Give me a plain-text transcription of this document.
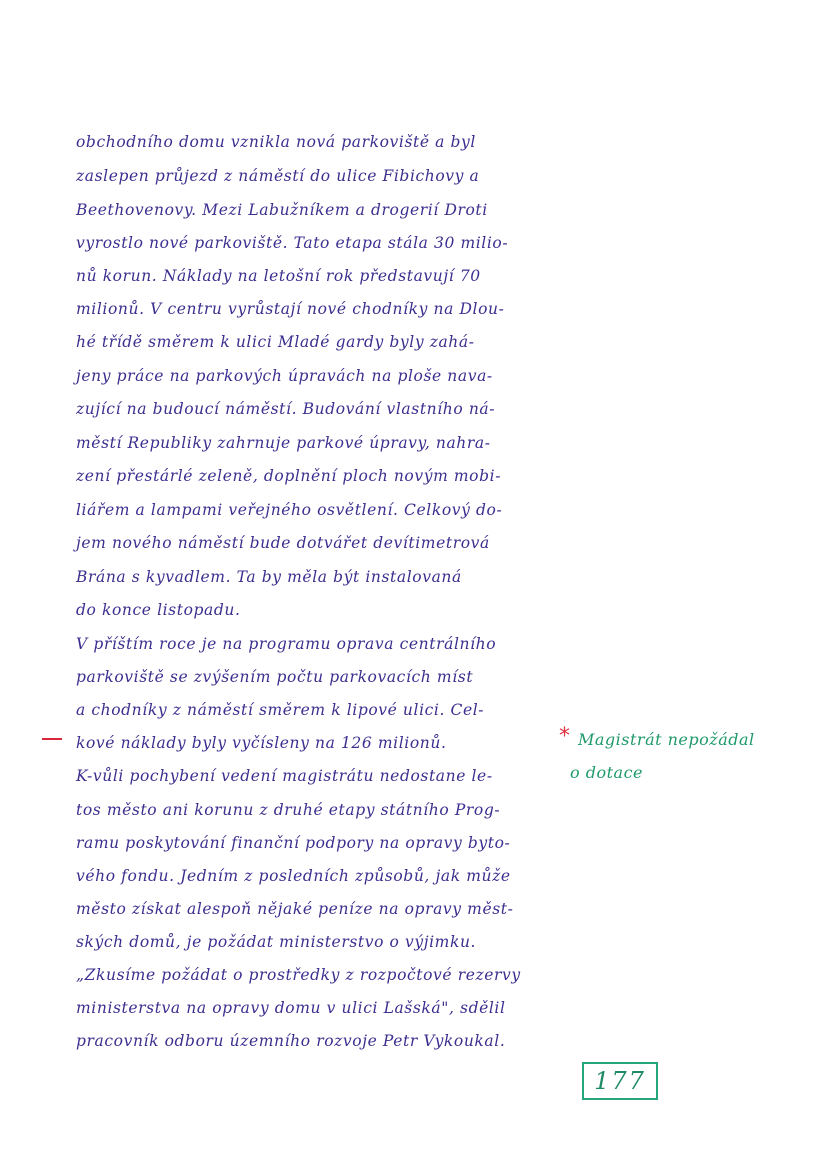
obchodního domu vznikla nová parkoviště a byl
zaslepen průjezd z náměstí do ulice Fibichovy a
Beethovenovy. Mezi Labužníkem a drogerií Droti
vyrostlo nové parkoviště. Tato etapa stála 30 milio-
nů korun. Náklady na letošní rok představují 70
milionů. V centru vyrůstají nové chodníky na Dlou-
hé třídě směrem k ulici Mladé gardy byly zahá-
jeny práce na parkových úpravách na ploše nava-
zující na budoucí náměstí. Budování vlastního ná-
městí Republiky zahrnuje parkové úpravy, nahra-
zení přestárlé zeleně, doplnění ploch novým mobi-
liářem a lampami veřejného osvětlení. Celkový do-
jem nového náměstí bude dotvářet devítimetrová
Brána s kyvadlem. Ta by měla být instalovaná
do konce listopadu.
V příštím roce je na programu oprava centrálního
parkoviště se zvýšením počtu parkovacích míst
a chodníky z náměstí směrem k lipové ulici. Cel-
kové náklady byly vyčísleny na 126 milionů.
K-vůli pochybení vedení magistrátu nedostane le-
tos město ani korunu z druhé etapy státního Prog-
ramu poskytování finanční podpory na opravy byto-
vého fondu. Jedním z posledních způsobů, jak může
město získat alespoň nějaké peníze na opravy měst-
ských domů, je požádat ministerstvo o výjimku.
„Zkusíme požádat o prostředky z rozpočtové rezervy
ministerstva na opravy domu v ulici Lašská", sdělil
pracovník odboru územního rozvoje Petr Vykoukal.
* Magistrát nepožádal
o dotace
177
